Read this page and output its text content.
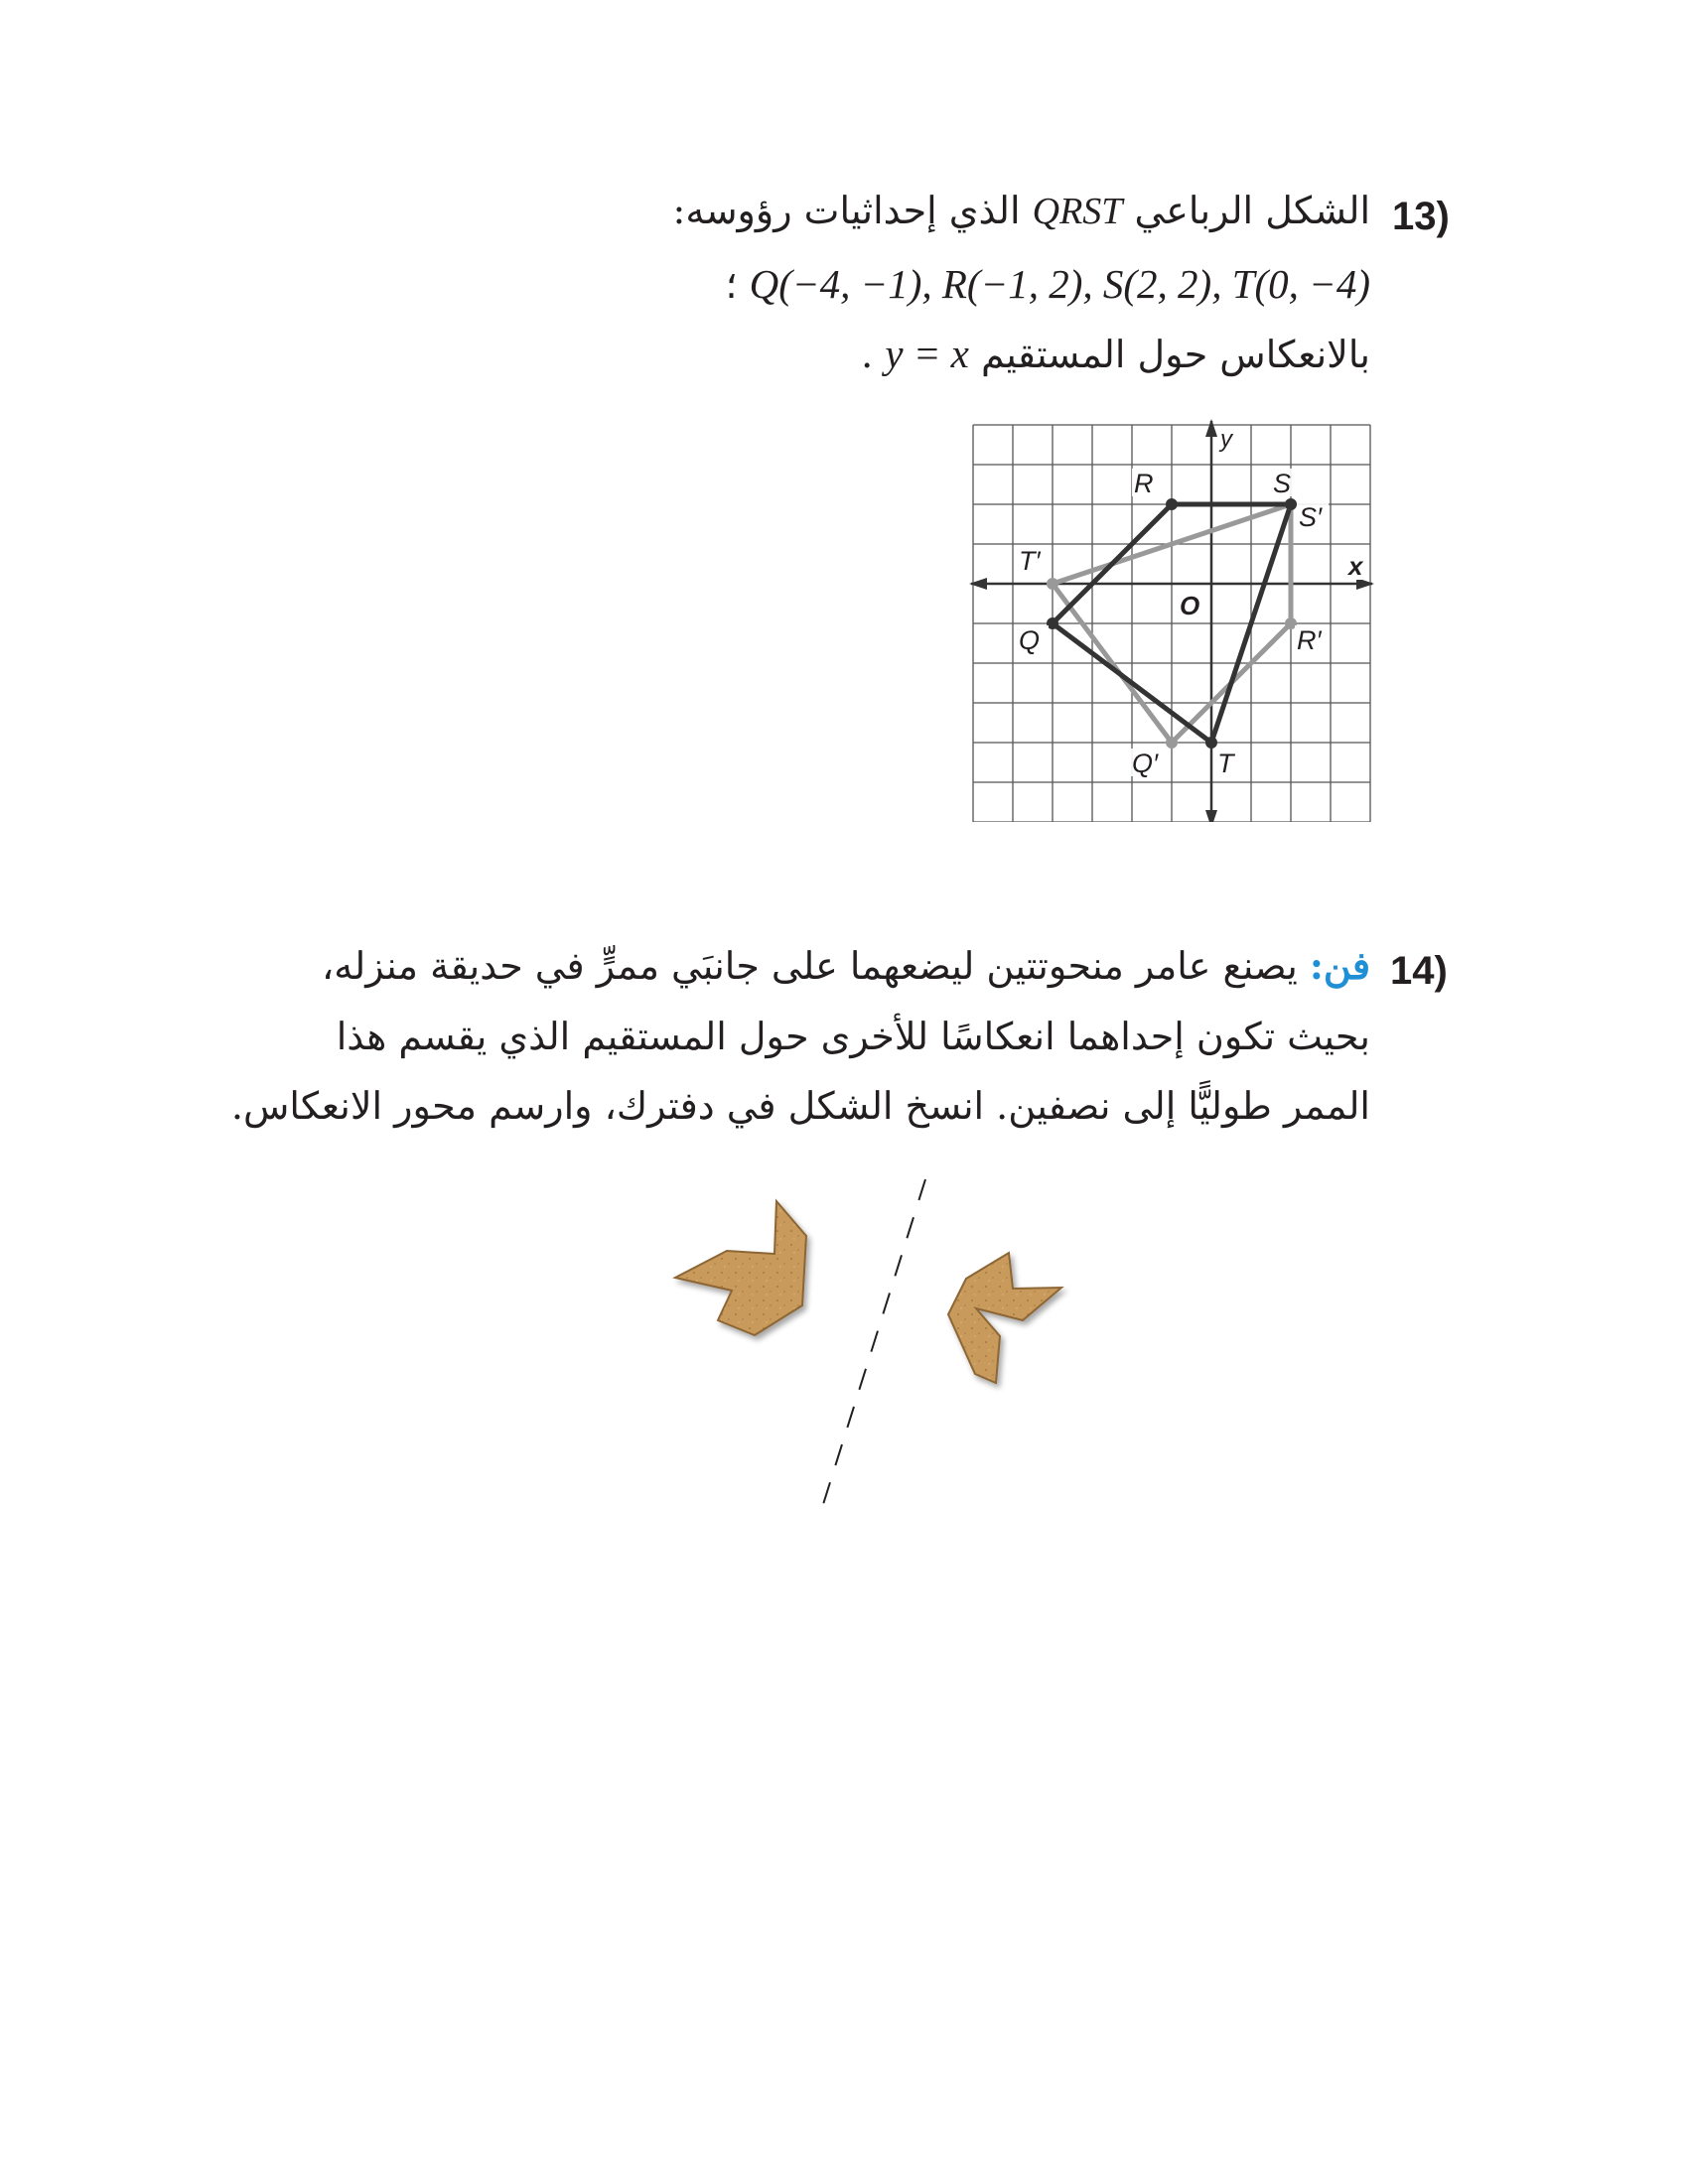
13)
الشكل الرباعي QRST الذي إحداثيات رؤوسه:
Q(−4, −1), R(−1, 2), S(2, 2), T(0, −4) ؛
بالانعكاس حول المستقيم y = x .
y
x
O
Q′
R′
S′
T′
Q
R	S
T
14)
فن: يصنع عامر منحوتتين ليضعهما على جانبَي ممرٍّ في حديقة منزله،
بحيث تكون إحداهما انعكاسًا للأخرى حول المستقيم الذي يقسم هذا
الممر طوليًّا إلى نصفين. انسخ الشكل في دفترك، وارسم محور الانعكاس.
